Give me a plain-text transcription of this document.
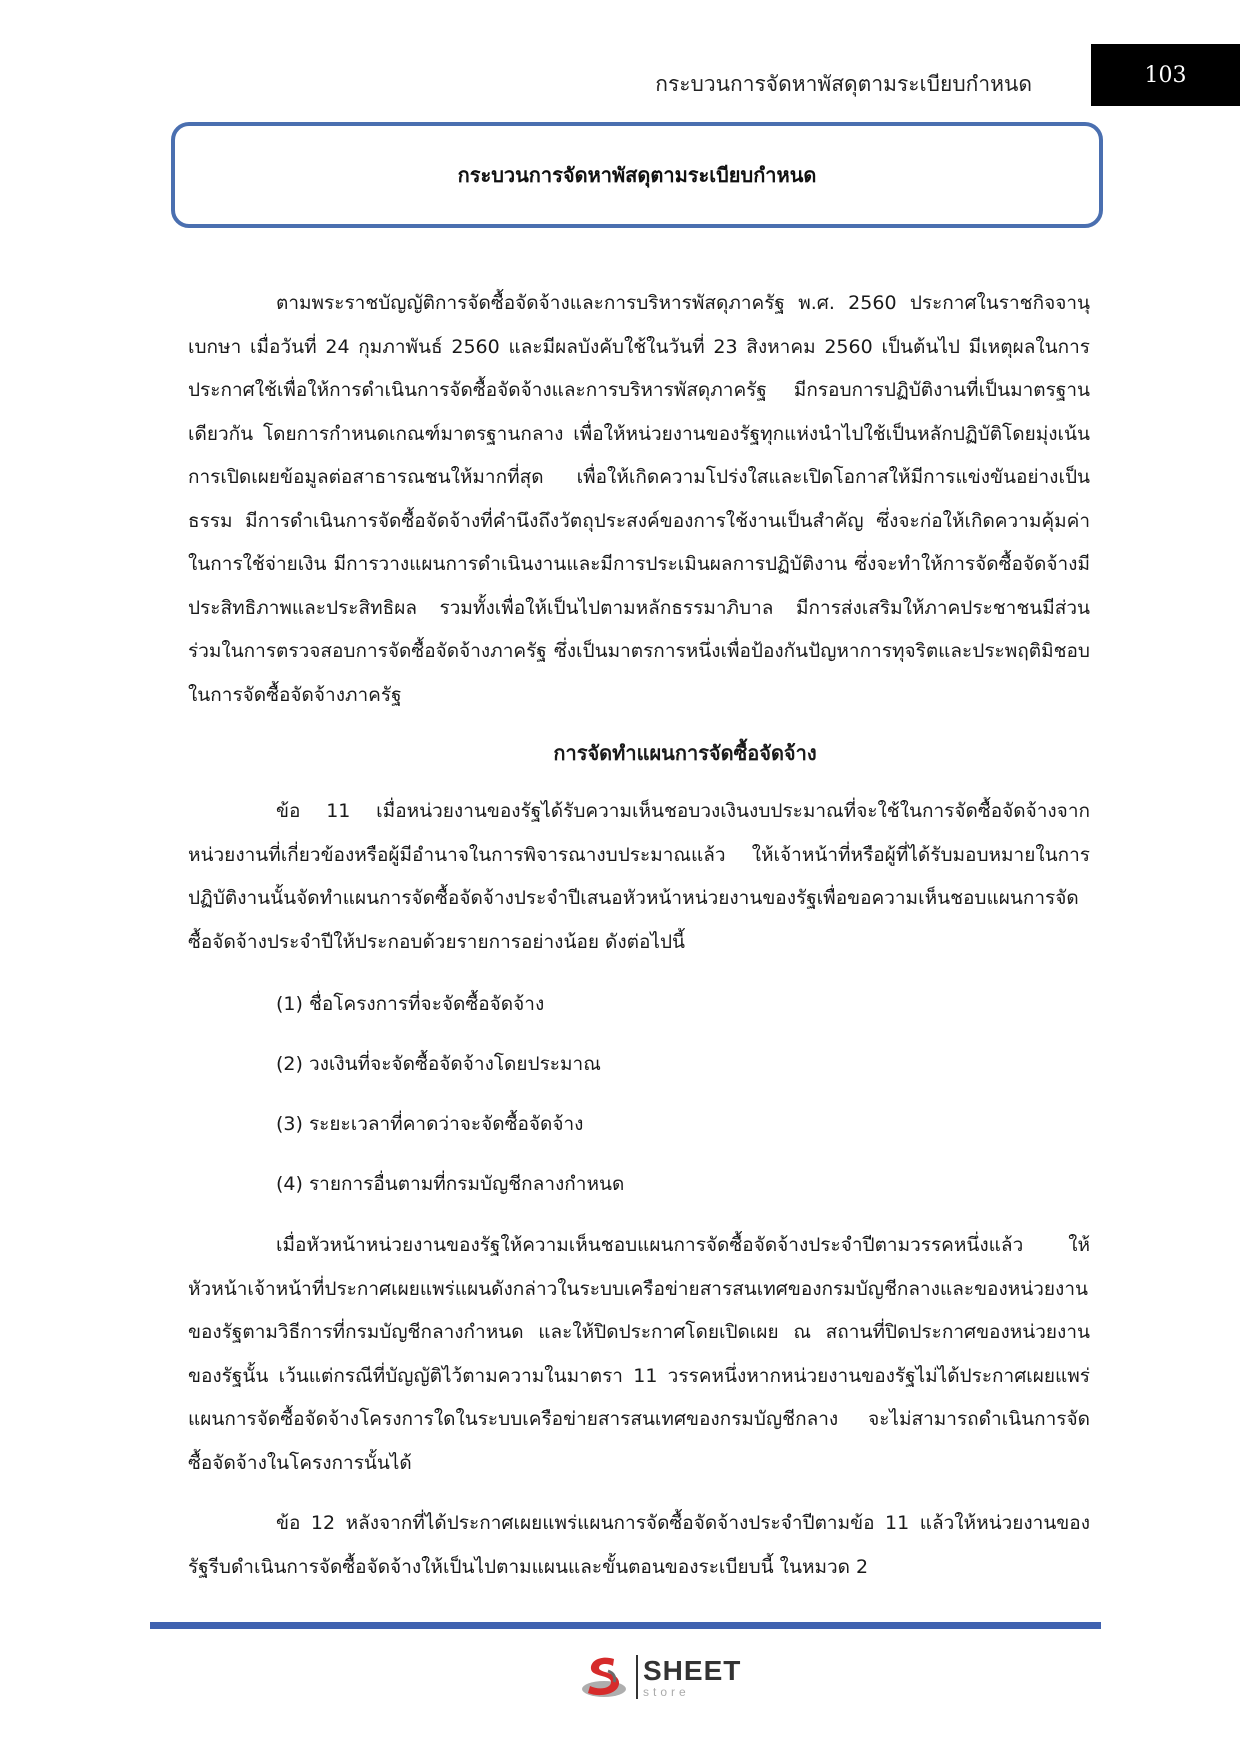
กระบวนการจัดหาพัสดุตามระเบียบกำหนด	103
กระบวนการจัดหาพัสดุตามระเบียบกำหนด

ตามพระราชบัญญัติการจัดซื้อจัดจ้างและการบริหารพัสดุภาครัฐ พ.ศ. 2560 ประกาศในราชกิจจานุเบกษา เมื่อวันที่ 24 กุมภาพันธ์ 2560 และมีผลบังคับใช้ในวันที่ 23 สิงหาคม 2560 เป็นต้นไป มีเหตุผลในการประกาศใช้เพื่อให้การดำเนินการจัดซื้อจัดจ้างและการบริหารพัสดุภาครัฐ มีกรอบการปฏิบัติงานที่เป็นมาตรฐานเดียวกัน โดยการกำหนดเกณฑ์มาตรฐานกลาง เพื่อให้หน่วยงานของรัฐทุกแห่งนำไปใช้เป็นหลักปฏิบัติโดยมุ่งเน้นการเปิดเผยข้อมูลต่อสาธารณชนให้มากที่สุด เพื่อให้เกิดความโปร่งใสและเปิดโอกาสให้มีการแข่งขันอย่างเป็นธรรม มีการดำเนินการจัดซื้อจัดจ้างที่คำนึงถึงวัตถุประสงค์ของการใช้งานเป็นสำคัญ ซึ่งจะก่อให้เกิดความคุ้มค่าในการใช้จ่ายเงิน มีการวางแผนการดำเนินงานและมีการประเมินผลการปฏิบัติงาน ซึ่งจะทำให้การจัดซื้อจัดจ้างมีประสิทธิภาพและประสิทธิผล รวมทั้งเพื่อให้เป็นไปตามหลักธรรมาภิบาล มีการส่งเสริมให้ภาคประชาชนมีส่วนร่วมในการตรวจสอบการจัดซื้อจัดจ้างภาครัฐ ซึ่งเป็นมาตรการหนึ่งเพื่อป้องกันปัญหาการทุจริตและประพฤติมิชอบในการจัดซื้อจัดจ้างภาครัฐ

การจัดทำแผนการจัดซื้อจัดจ้าง

ข้อ 11 เมื่อหน่วยงานของรัฐได้รับความเห็นชอบวงเงินงบประมาณที่จะใช้ในการจัดซื้อจัดจ้างจากหน่วยงานที่เกี่ยวข้องหรือผู้มีอำนาจในการพิจารณางบประมาณแล้ว ให้เจ้าหน้าที่หรือผู้ที่ได้รับมอบหมายในการปฏิบัติงานนั้นจัดทำแผนการจัดซื้อจัดจ้างประจำปีเสนอหัวหน้าหน่วยงานของรัฐเพื่อขอความเห็นชอบแผนการจัดซื้อจัดจ้างประจำปีให้ประกอบด้วยรายการอย่างน้อย ดังต่อไปนี้

(1) ชื่อโครงการที่จะจัดซื้อจัดจ้าง
(2) วงเงินที่จะจัดซื้อจัดจ้างโดยประมาณ
(3) ระยะเวลาที่คาดว่าจะจัดซื้อจัดจ้าง
(4) รายการอื่นตามที่กรมบัญชีกลางกำหนด

เมื่อหัวหน้าหน่วยงานของรัฐให้ความเห็นชอบแผนการจัดซื้อจัดจ้างประจำปีตามวรรคหนึ่งแล้ว ให้หัวหน้าเจ้าหน้าที่ประกาศเผยแพร่แผนดังกล่าวในระบบเครือข่ายสารสนเทศของกรมบัญชีกลางและของหน่วยงานของรัฐตามวิธีการที่กรมบัญชีกลางกำหนด และให้ปิดประกาศโดยเปิดเผย ณ สถานที่ปิดประกาศของหน่วยงานของรัฐนั้น เว้นแต่กรณีที่บัญญัติไว้ตามความในมาตรา 11 วรรคหนึ่งหากหน่วยงานของรัฐไม่ได้ประกาศเผยแพร่แผนการจัดซื้อจัดจ้างโครงการใดในระบบเครือข่ายสารสนเทศของกรมบัญชีกลาง จะไม่สามารถดำเนินการจัดซื้อจัดจ้างในโครงการนั้นได้

ข้อ 12 หลังจากที่ได้ประกาศเผยแพร่แผนการจัดซื้อจัดจ้างประจำปีตามข้อ 11 แล้วให้หน่วยงานของรัฐรีบดำเนินการจัดซื้อจัดจ้างให้เป็นไปตามแผนและขั้นตอนของระเบียบนี้ ในหมวด 2

SHEET
store
